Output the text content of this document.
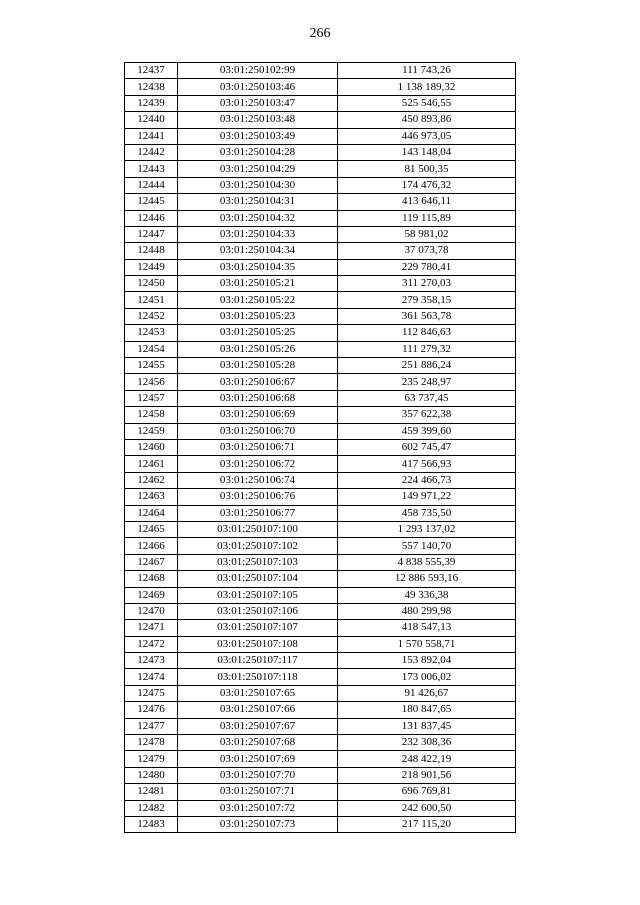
266
12437	03:01:250102:99	111 743,26
12438	03:01:250103:46	1 138 189,32
12439	03:01:250103:47	525 546,55
12440	03:01:250103:48	450 893,86
12441	03:01:250103:49	446 973,05
12442	03:01:250104:28	143 148,04
12443	03:01:250104:29	81 500,35
12444	03:01:250104:30	174 476,32
12445	03:01:250104:31	413 646,11
12446	03:01:250104:32	119 115,89
12447	03:01:250104:33	58 981,02
12448	03:01:250104:34	37 073,78
12449	03:01:250104:35	229 780,41
12450	03:01:250105:21	311 270,03
12451	03:01:250105:22	279 358,15
12452	03:01:250105:23	361 563,78
12453	03:01:250105:25	112 846,63
12454	03:01:250105:26	111 279,32
12455	03:01:250105:28	251 886,24
12456	03:01:250106:67	235 248,97
12457	03:01:250106:68	63 737,45
12458	03:01:250106:69	357 622,38
12459	03:01:250106:70	459 399,60
12460	03:01:250106:71	602 745,47
12461	03:01:250106:72	417 566,93
12462	03:01:250106:74	224 466,73
12463	03:01:250106:76	149 971,22
12464	03:01:250106:77	458 735,50
12465	03:01:250107:100	1 293 137,02
12466	03:01:250107:102	557 140,70
12467	03:01:250107:103	4 838 555,39
12468	03:01:250107:104	12 886 593,16
12469	03:01:250107:105	49 336,38
12470	03:01:250107:106	480 299,98
12471	03:01:250107:107	418 547,13
12472	03:01:250107:108	1 570 558,71
12473	03:01:250107:117	153 892,04
12474	03:01:250107:118	173 006,02
12475	03:01:250107:65	91 426,67
12476	03:01:250107:66	180 847,65
12477	03:01:250107:67	131 837,45
12478	03:01:250107:68	232 308,36
12479	03:01:250107:69	248 422,19
12480	03:01:250107:70	218 901,56
12481	03:01:250107:71	696 769,81
12482	03:01:250107:72	242 600,50
12483	03:01:250107:73	217 115,20
